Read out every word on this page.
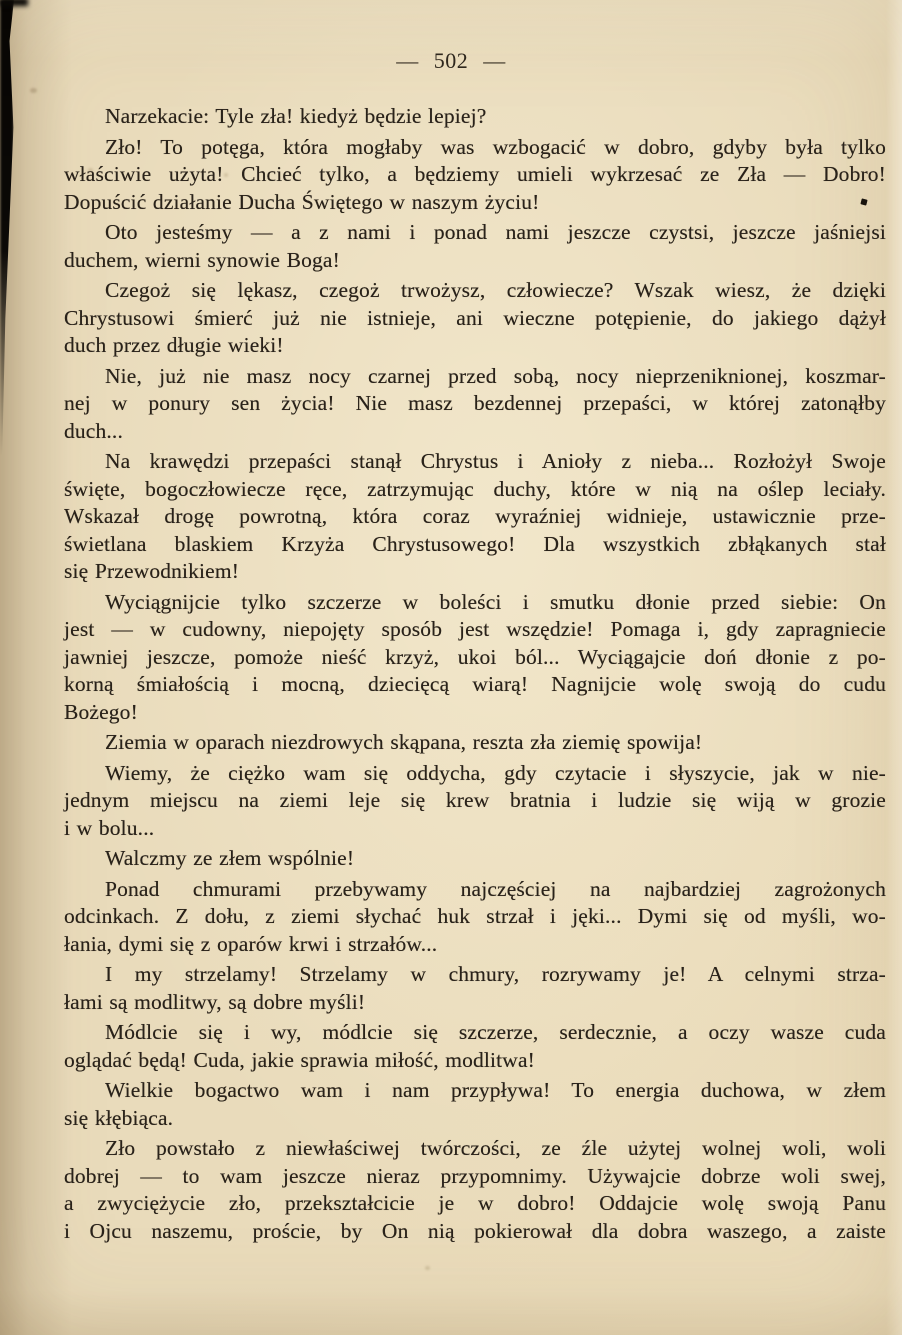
— 502 —
Narzekacie: Tyle zła! kiedyż będzie lepiej?
Zło! To potęga, która mogłaby was wzbogacić w dobro, gdyby była tylko
właściwie użyta! Chcieć tylko, a będziemy umieli wykrzesać ze Zła — Dobro!
Dopuścić działanie Ducha Świętego w naszym życiu!
Oto jesteśmy — a z nami i ponad nami jeszcze czystsi, jeszcze jaśniejsi
duchem, wierni synowie Boga!
Czegoż się lękasz, czegoż trwożysz, człowiecze? Wszak wiesz, że dzięki
Chrystusowi śmierć już nie istnieje, ani wieczne potępienie, do jakiego dążył
duch przez długie wieki!
Nie, już nie masz nocy czarnej przed sobą, nocy nieprzeniknionej, koszmar-
nej w ponury sen życia! Nie masz bezdennej przepaści, w której zatonąłby
duch...
Na krawędzi przepaści stanął Chrystus i Anioły z nieba... Rozłożył Swoje
święte, bogoczłowiecze ręce, zatrzymując duchy, które w nią na oślep leciały.
Wskazał drogę powrotną, która coraz wyraźniej widnieje, ustawicznie prze-
świetlana blaskiem Krzyża Chrystusowego! Dla wszystkich zbłąkanych stał
się Przewodnikiem!
Wyciągnijcie tylko szczerze w boleści i smutku dłonie przed siebie: On
jest — w cudowny, niepojęty sposób jest wszędzie! Pomaga i, gdy zapragniecie
jawniej jeszcze, pomoże nieść krzyż, ukoi ból... Wyciągajcie doń dłonie z po-
korną śmiałością i mocną, dziecięcą wiarą! Nagnijcie wolę swoją do cudu
Bożego!
Ziemia w oparach niezdrowych skąpana, reszta zła ziemię spowija!
Wiemy, że ciężko wam się oddycha, gdy czytacie i słyszycie, jak w nie-
jednym miejscu na ziemi leje się krew bratnia i ludzie się wiją w grozie
i w bolu...
Walczmy ze złem wspólnie!
Ponad chmurami przebywamy najczęściej na najbardziej zagrożonych
odcinkach. Z dołu, z ziemi słychać huk strzał i jęki... Dymi się od myśli, wo-
łania, dymi się z oparów krwi i strzałów...
I my strzelamy! Strzelamy w chmury, rozrywamy je! A celnymi strza-
łami są modlitwy, są dobre myśli!
Módlcie się i wy, módlcie się szczerze, serdecznie, a oczy wasze cuda
oglądać będą! Cuda, jakie sprawia miłość, modlitwa!
Wielkie bogactwo wam i nam przypływa! To energia duchowa, w złem
się kłębiąca.
Zło powstało z niewłaściwej twórczości, ze źle użytej wolnej woli, woli
dobrej — to wam jeszcze nieraz przypomnimy. Używajcie dobrze woli swej,
a zwyciężycie zło, przekształcicie je w dobro! Oddajcie wolę swoją Panu
i Ojcu naszemu, proście, by On nią pokierował dla dobra waszego, a zaiste
